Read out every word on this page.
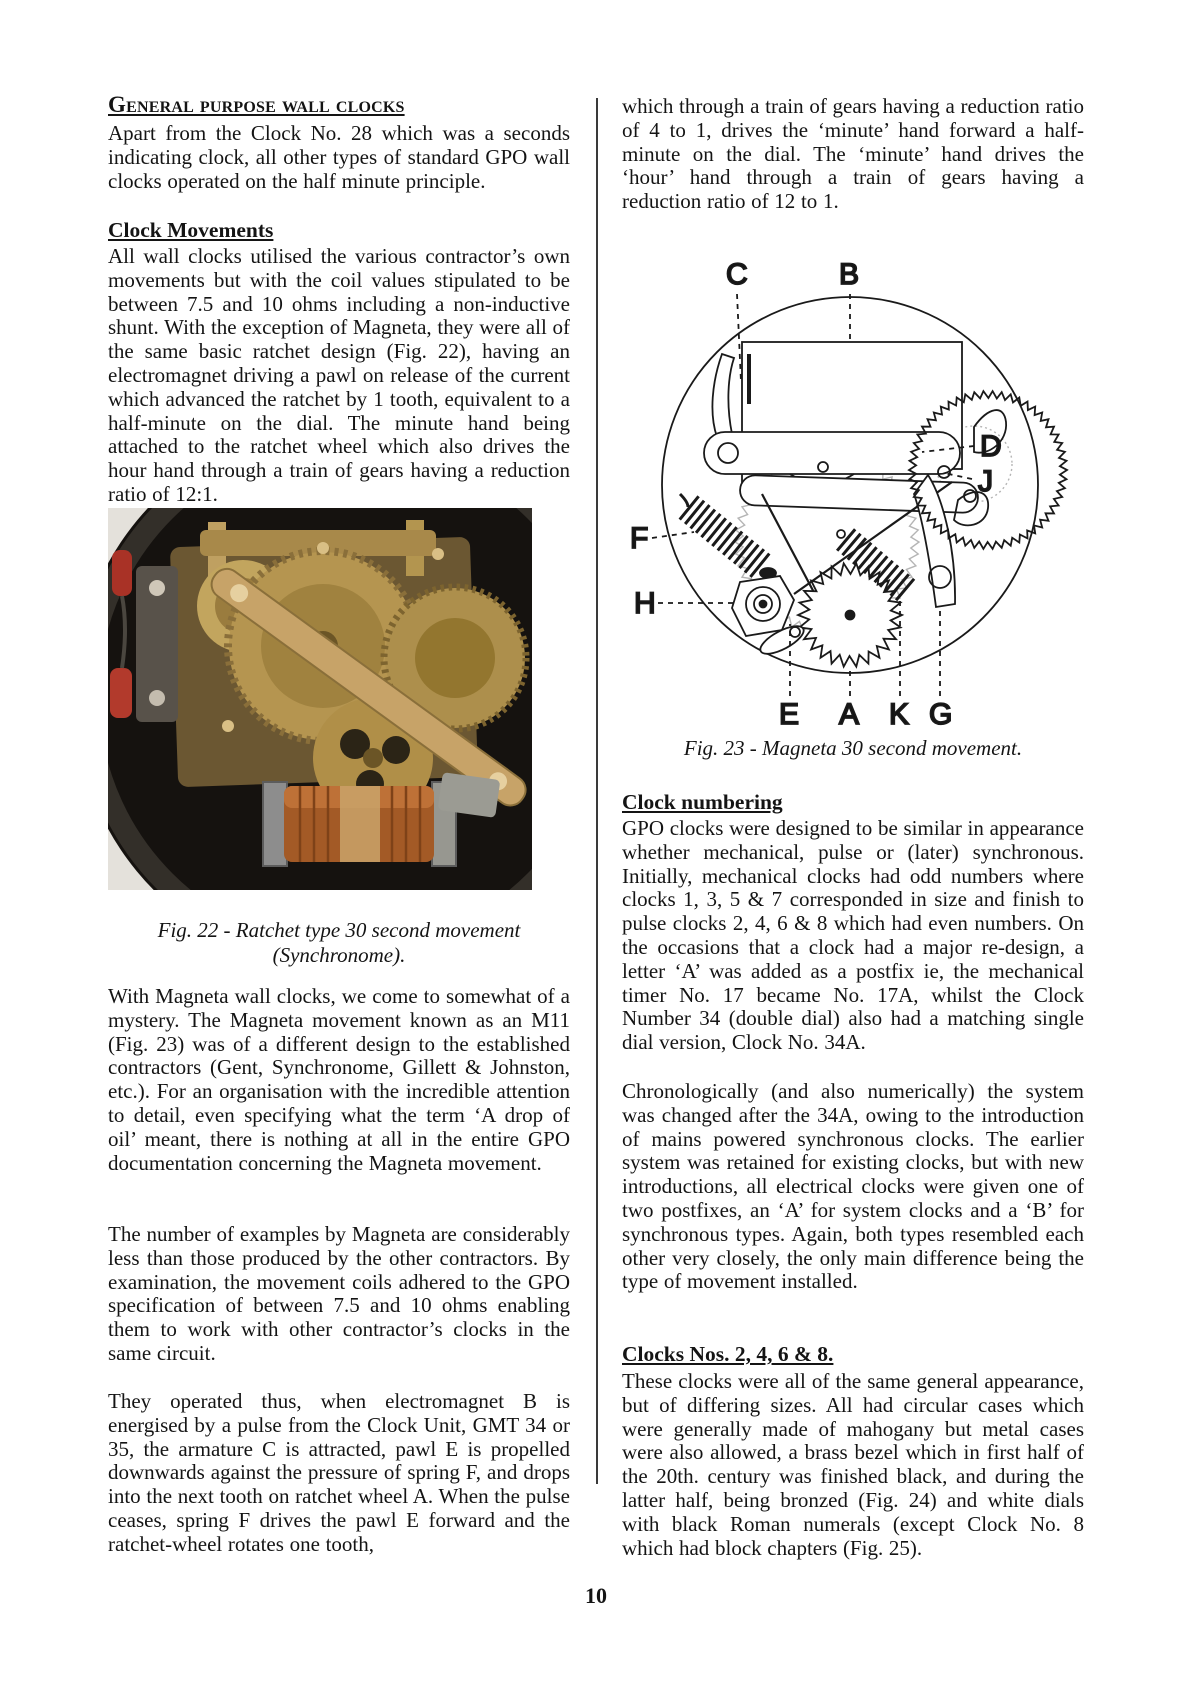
General purpose wall clocks

Apart from the Clock No. 28 which was a seconds indicating clock, all other types of standard GPO wall clocks operated on the half minute principle.

Clock Movements

All wall clocks utilised the various contractor’s own movements but with the coil values stipulated to be between 7.5 and 10 ohms including a non-inductive shunt. With the exception of Magneta, they were all of the same basic ratchet design (Fig. 22), having an electromagnet driving a pawl on release of the current which advanced the ratchet by 1 tooth, equivalent to a half-minute on the dial. The minute hand being attached to the ratchet wheel which also drives the hour hand through a train of gears having a reduction ratio of 12:1.

Fig. 22 - Ratchet type 30 second movement (Synchronome).

With Magneta wall clocks, we come to somewhat of a mystery. The Magneta movement known as an M11 (Fig. 23) was of a different design to the established contractors (Gent, Synchronome, Gillett & Johnston, etc.). For an organisation with the incredible attention to detail, even specifying what the term ‘A drop of oil’ meant, there is nothing at all in the entire GPO documentation concerning the Magneta movement.

The number of examples by Magneta are considerably less than those produced by the other contractors. By examination, the movement coils adhered to the GPO specification of between 7.5 and 10 ohms enabling them to work with other contractor’s clocks in the same circuit.

They operated thus, when electromagnet B is energised by a pulse from the Clock Unit, GMT 34 or 35, the armature C is attracted, pawl E is propelled downwards against the pressure of spring F, and drops into the next tooth on ratchet wheel A. When the pulse ceases, spring F drives the pawl E forward and the ratchet-wheel rotates one tooth,

which through a train of gears having a reduction ratio of 4 to 1, drives the ‘minute’ hand forward a half-minute on the dial. The ‘minute’ hand drives the ‘hour’ hand through a train of gears having a reduction ratio of 12 to 1.

C	B
D
J
F
H
E A K G

Fig. 23 - Magneta 30 second movement.

Clock numbering

GPO clocks were designed to be similar in appearance whether mechanical, pulse or (later) synchronous. Initially, mechanical clocks had odd numbers where clocks 1, 3, 5 & 7 corresponded in size and finish to pulse clocks 2, 4, 6 & 8 which had even numbers. On the occasions that a clock had a major re-design, a letter ‘A’ was added as a postfix ie, the mechanical timer No. 17 became No. 17A, whilst the Clock Number 34 (double dial) also had a matching single dial version, Clock No. 34A.

Chronologically (and also numerically) the system was changed after the 34A, owing to the introduction of mains powered synchronous clocks. The earlier system was retained for existing clocks, but with new introductions, all electrical clocks were given one of two postfixes, an ‘A’ for system clocks and a ‘B’ for synchronous types. Again, both types resembled each other very closely, the only main difference being the type of movement installed.

Clocks Nos. 2, 4, 6 & 8.

These clocks were all of the same general appearance, but of differing sizes. All had circular cases which were generally made of mahogany but metal cases were also allowed, a brass bezel which in first half of the 20th. century was finished black, and during the latter half, being bronzed (Fig. 24) and white dials with black Roman numerals (except Clock No. 8 which had block chapters (Fig. 25).

10
